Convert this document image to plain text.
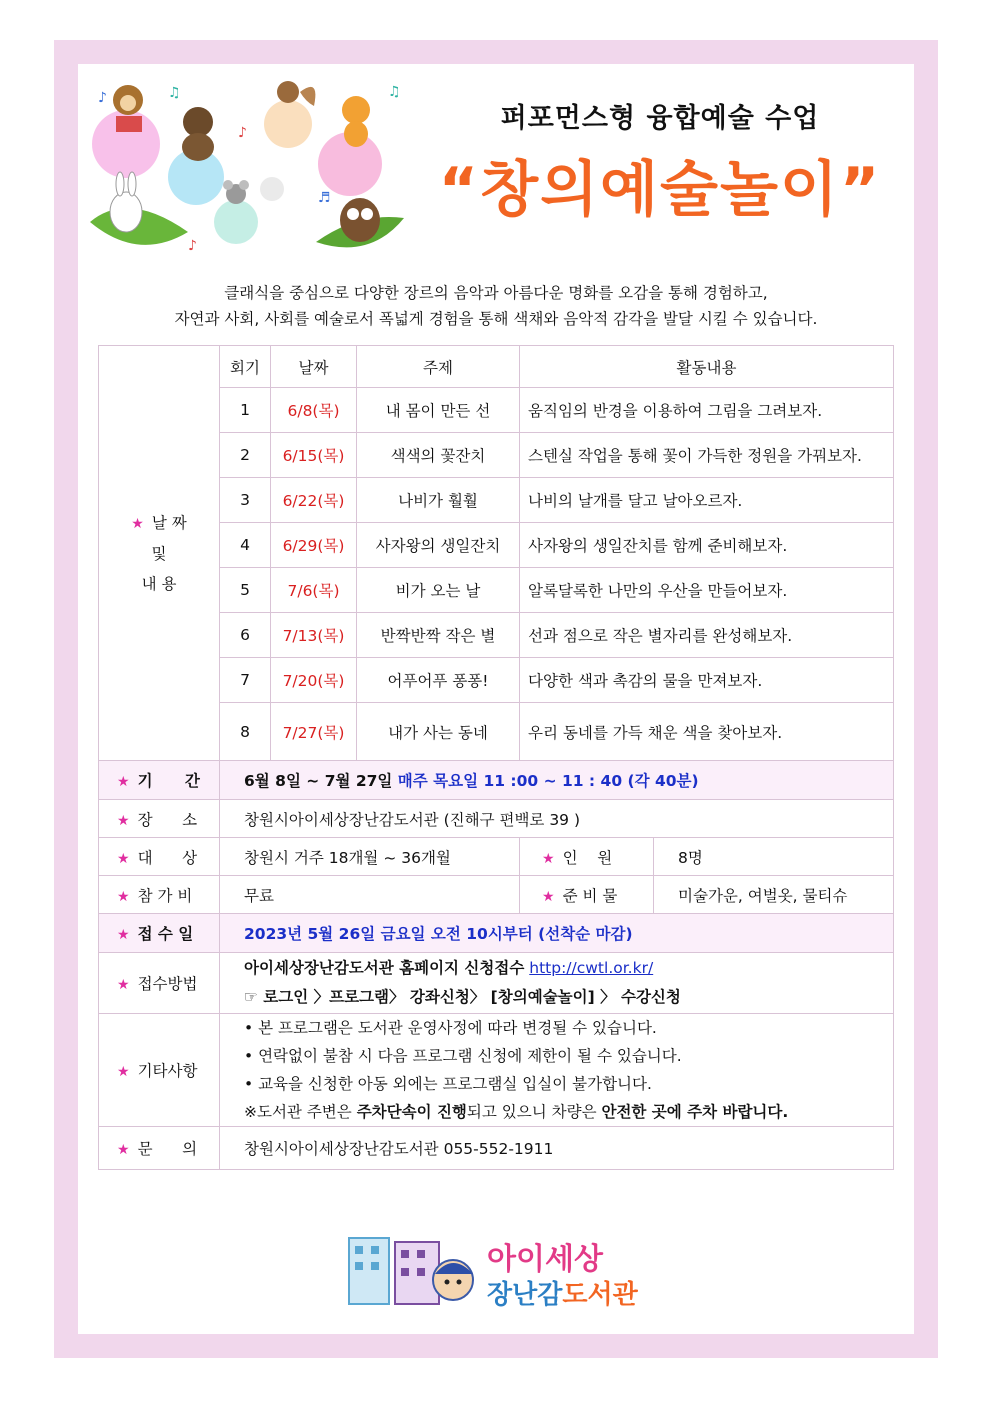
♪	♫
♪
♬
♫
♪
퍼포먼스형 융합예술 수업
“창의예술놀이”
클래식을 중심으로 다양한 장르의 음악과 아름다운 명화를 오감을 통해 경험하고,
자연과 사회, 사회를 예술로서 폭넓게 경험을 통해 색채와 음악적 감각을 발달 시킬 수 있습니다.
★ 날 짜
및
내 용	회기	날짜	주제	활동내용	
	1	6/8(목)	내 몸이 만든 선	움직임의 반경을 이용하여 그림을 그려보자.	
	2	6/15(목)	색색의 꽃잔치	스텐실 작업을 통해 꽃이 가득한 정원을 가꿔보자.	
	3	6/22(목)	나비가 훨훨	나비의 날개를 달고 날아오르자.	
	4	6/29(목)	사자왕의 생일잔치	사자왕의 생일잔치를 함께 준비해보자.	
	5	7/6(목)	비가 오는 날	알록달록한 나만의 우산을 만들어보자.	
	6	7/13(목)	반짝반짝 작은 별	선과 점으로 작은 별자리를 완성해보자.	
	7	7/20(목)	어푸어푸 퐁퐁!	다양한 색과 촉감의 물을 만져보자.	
	8	7/27(목)	내가 사는 동네	우리 동네를 가득 채운 색을 찾아보자.	
★ 기      간	6월 8일 ~ 7월 27일 매주 목요일 11 :00 ~ 11 : 40 (각 40분)				
★ 장      소	창원시아이세상장난감도서관 (진해구 편백로 39 )				
★ 대      상	창원시 거주 18개월 ~ 36개월			★ 인    원	8명
★ 참 가 비	무료			★ 준 비 물	미술가운, 여벌옷, 물티슈
★ 접 수 일	2023년 5월 26일 금요일 오전 10시부터 (선착순 마감)				
★ 접수방법	아이세상장난감도서관 홈페이지 신청접수 http://cwtl.or.kr/
☞ 로그인 〉프로그램〉 강좌신청〉 [창의예술놀이] 〉 수강신청				

★ 기타사항	• 본 프로그램은 도서관 운영사정에 따라 변경될 수 있습니다.
• 연락없이 불참 시 다음 프로그램 신청에 제한이 될 수 있습니다.
• 교육을 신청한 아동 외에는 프로그램실 입실이 불가합니다.
※도서관 주변은 주차단속이 진행되고 있으니 차량은 안전한 곳에 주차 바랍니다.				

★ 문      의	창원시아이세상장난감도서관 055-552-1911				
아이세상
장난감도서관
